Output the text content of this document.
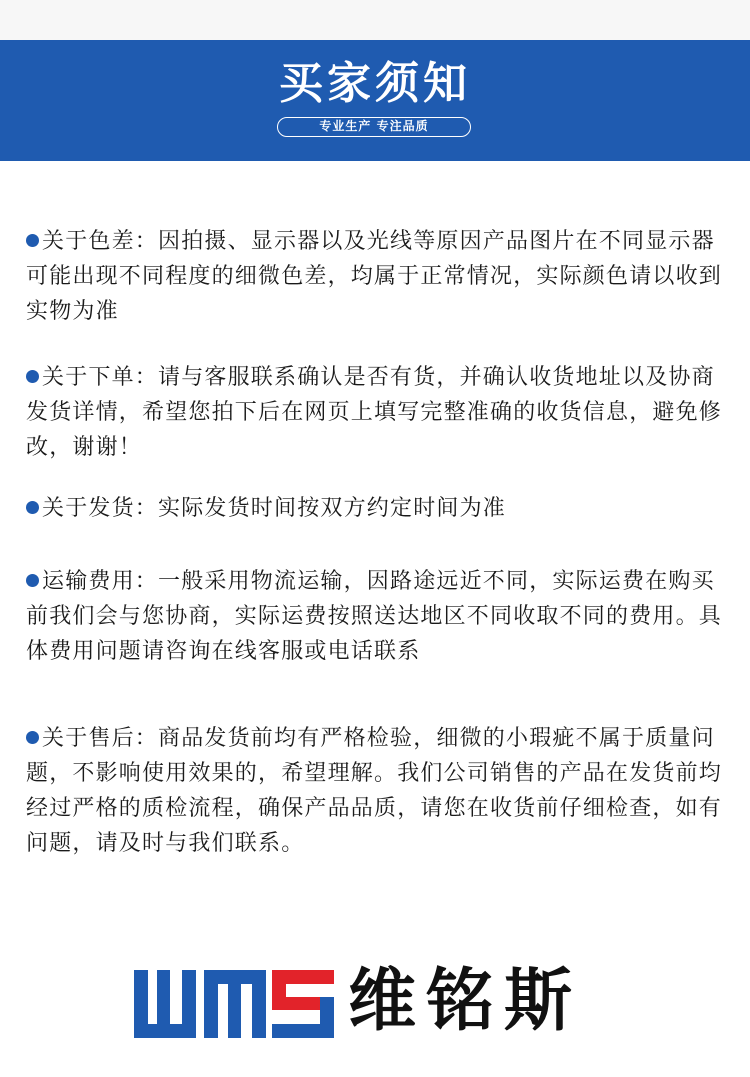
买家须知
专业生产 专注品质
关于色差：因拍摄、显示器以及光线等原因产品图片在不同显示器可能出现不同程度的细微色差，均属于正常情况，实际颜色请以收到实物为准
关于下单：请与客服联系确认是否有货，并确认收货地址以及协商发货详情，希望您拍下后在网页上填写完整准确的收货信息，避免修改，谢谢！
关于发货：实际发货时间按双方约定时间为准
运输费用：一般采用物流运输，因路途远近不同，实际运费在购买前我们会与您协商，实际运费按照送达地区不同收取不同的费用。具体费用问题请咨询在线客服或电话联系
关于售后：商品发货前均有严格检验，细微的小瑕疵不属于质量问题，不影响使用效果的，希望理解。我们公司销售的产品在发货前均经过严格的质检流程，确保产品品质，请您在收货前仔细检查，如有问题，请及时与我们联系。
维铭斯
